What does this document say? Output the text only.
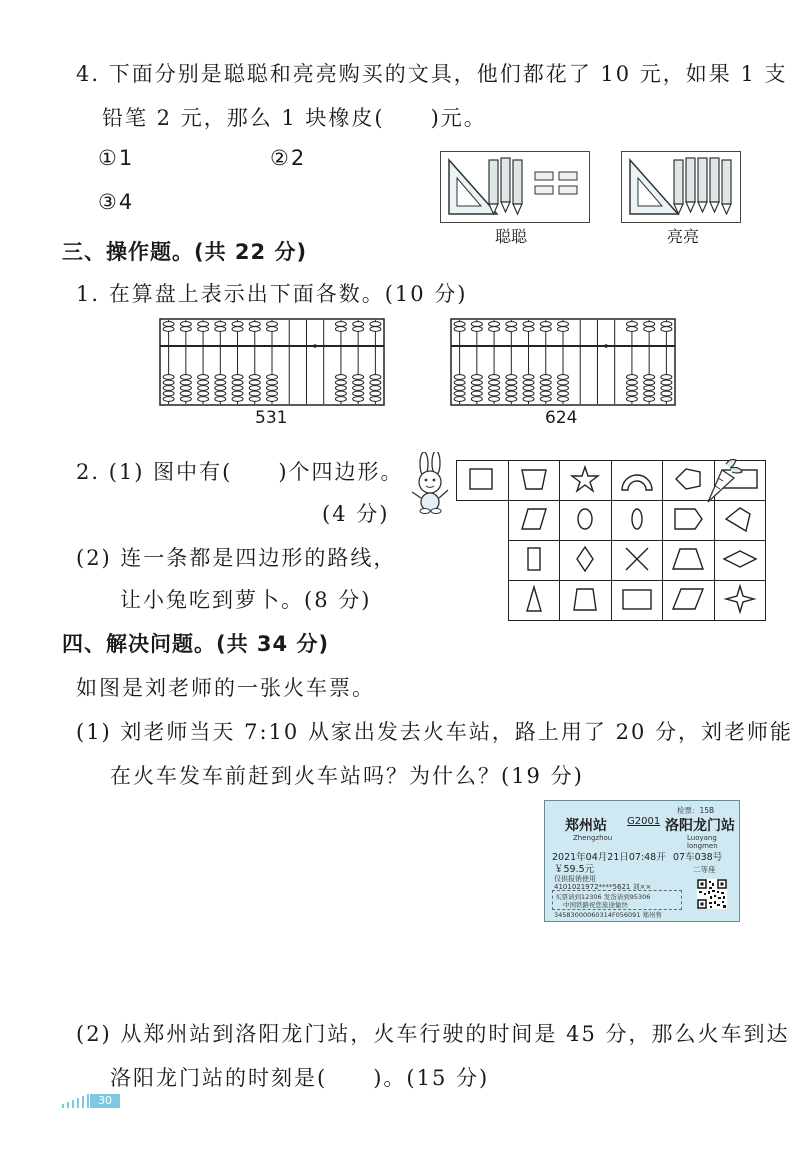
4. 下面分别是聪聪和亮亮购买的文具，他们都花了 10 元，如果 1 支
铅笔 2 元，那么 1 块橡皮(　　)元。
①1	②2
③4
聪聪	亮亮
三、操作题。(共 22 分)
1. 在算盘上表示出下面各数。(10 分)
531	624
2. (1) 图中有(　　)个四边形。
(4 分)
(2) 连一条都是四边形的路线，
让小兔吃到萝卜。(8 分)

四、解决问题。(共 34 分)
如图是刘老师的一张火车票。
(1) 刘老师当天 7:10 从家出发去火车站，路上用了 20 分，刘老师能
在火车发车前赶到火车站吗？为什么？(19 分)
检票：15B
郑州站 G2001 洛阳龙门站
Zhengzhou	Luoyang longmen
2021年04月21日07:48开 07车038号
￥59.5元	二等座
仅供报销使用
4101021972****5621 刘××
买票请到12306 发货请到95306
中国铁路祝您旅途愉快
34583000060314F056091 郑州售
(2) 从郑州站到洛阳龙门站，火车行驶的时间是 45 分，那么火车到达
洛阳龙门站的时刻是(　　)。(15 分)
30
